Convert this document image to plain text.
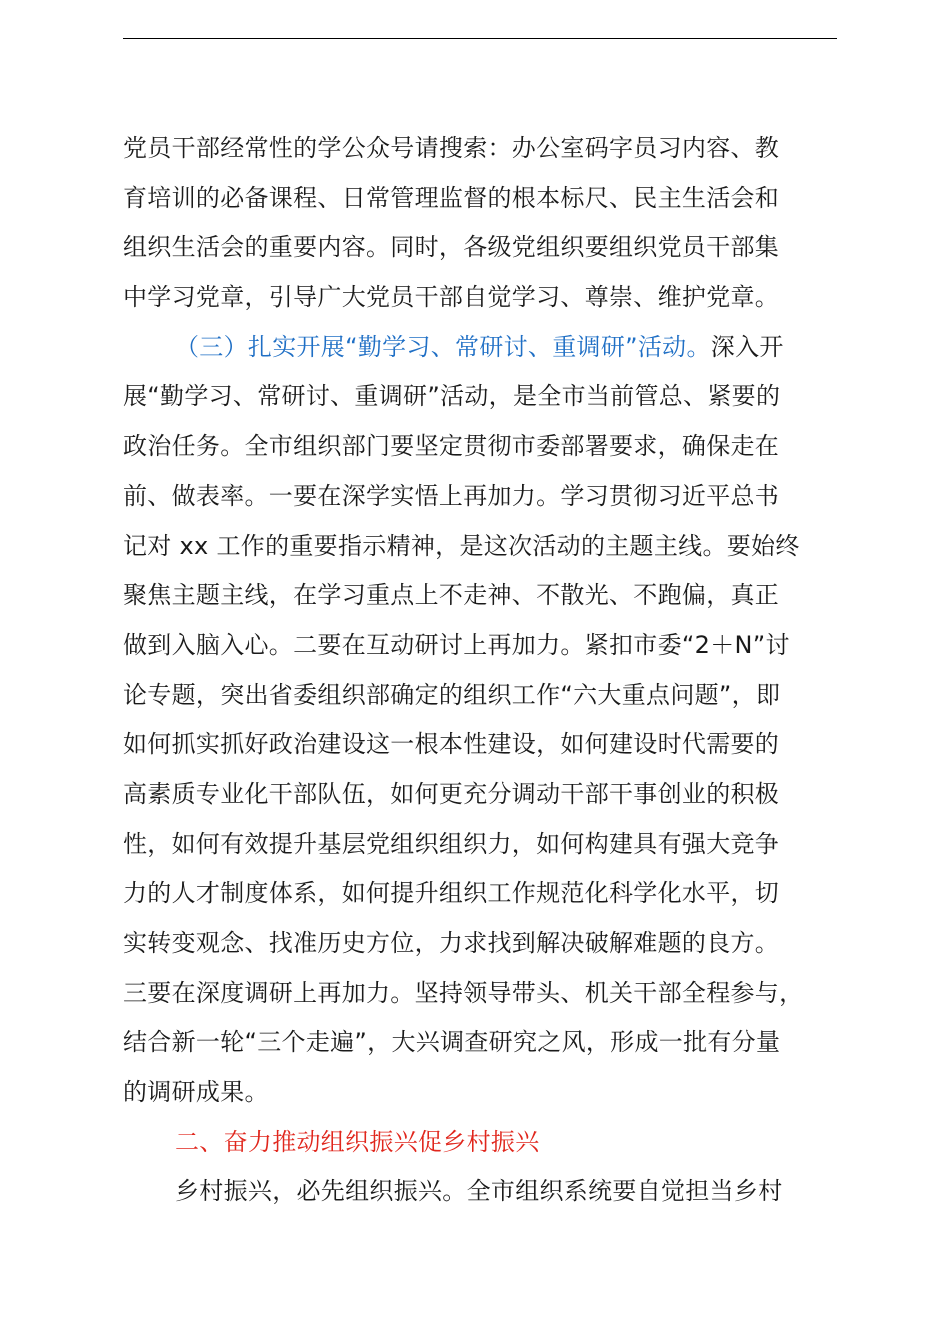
党员干部经常性的学公众号请搜索：办公室码字员习内容、教
育培训的必备课程、日常管理监督的根本标尺、民主生活会和
组织生活会的重要内容。同时，各级党组织要组织党员干部集
中学习党章，引导广大党员干部自觉学习、尊崇、维护党章。
（三）扎实开展“勤学习、常研讨、重调研”活动。深入开
展“勤学习、常研讨、重调研”活动，是全市当前管总、紧要的
政治任务。全市组织部门要坚定贯彻市委部署要求，确保走在
前、做表率。一要在深学实悟上再加力。学习贯彻习近平总书
记对 xx 工作的重要指示精神，是这次活动的主题主线。要始终
聚焦主题主线，在学习重点上不走神、不散光、不跑偏，真正
做到入脑入心。二要在互动研讨上再加力。紧扣市委“2＋N”讨
论专题，突出省委组织部确定的组织工作“六大重点问题”，即
如何抓实抓好政治建设这一根本性建设，如何建设时代需要的
高素质专业化干部队伍，如何更充分调动干部干事创业的积极
性，如何有效提升基层党组织组织力，如何构建具有强大竞争
力的人才制度体系，如何提升组织工作规范化科学化水平，切
实转变观念、找准历史方位，力求找到解决破解难题的良方。
三要在深度调研上再加力。坚持领导带头、机关干部全程参与，
结合新一轮“三个走遍”，大兴调查研究之风，形成一批有分量
的调研成果。
二、奋力推动组织振兴促乡村振兴
乡村振兴，必先组织振兴。全市组织系统要自觉担当乡村
